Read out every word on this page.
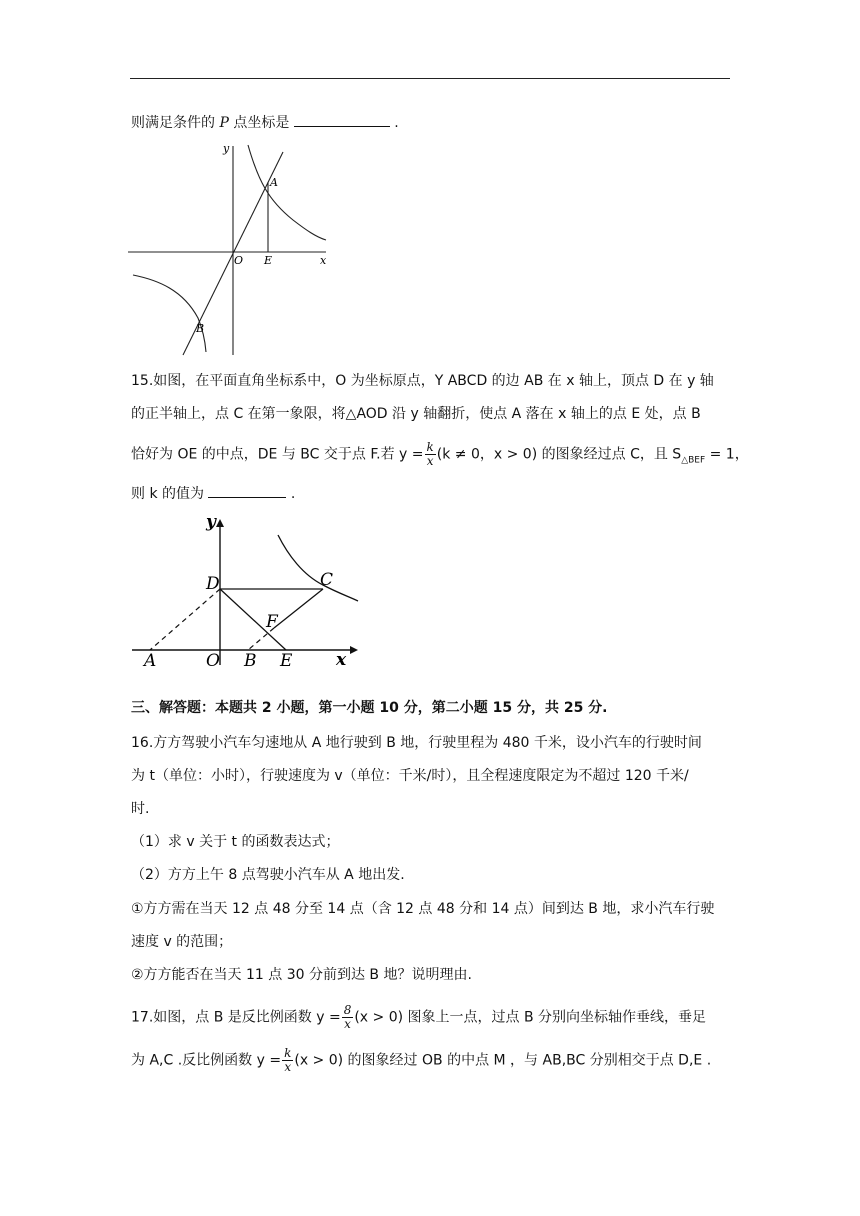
则满足条件的 P 点坐标是	.
y
x
O E
A
B
15.如图，在平面直角坐标系中，O 为坐标原点，Y ABCD 的边 AB 在 x 轴上，顶点 D 在 y 轴
的正半轴上，点 C 在第一象限，将△AOD 沿 y 轴翻折，使点 A 落在 x 轴上的点 E 处，点 B
恰好为 OE 的中点，DE 与 BC 交于点 F.若 $y = \frac{k}{x} (k \ne 0$，x > 0) 的图象经过点 C，且 $S_{\triangle BEF} = 1$，
则 k 的值为	.
y
x
O
A	B E
D	C
F
三、解答题：本题共 2 小题，第一小题 10 分，第二小题 15 分，共 25 分.
16.方方驾驶小汽车匀速地从 A 地行驶到 B 地，行驶里程为 480 千米，设小汽车的行驶时间
为 t（单位：小时），行驶速度为 v（单位：千米/时），且全程速度限定为不超过 120 千米/
时.
（1）求 v 关于 t 的函数表达式；
（2）方方上午 8 点驾驶小汽车从 A 地出发.
①方方需在当天 12 点 48 分至 14 点（含 12 点 48 分和 14 点）间到达 B 地，求小汽车行驶
速度 v 的范围；
②方方能否在当天 11 点 30 分前到达 B 地？说明理由.
17.如图，点 B 是反比例函数 $y = \frac{8}{x} (x > 0)$ 图象上一点，过点 B 分别向坐标轴作垂线，垂足
为 A,C .反比例函数 $y = \frac{k}{x} (x > 0)$ 的图象经过 OB 的中点 M ，与 AB,BC 分别相交于点 D,E .
